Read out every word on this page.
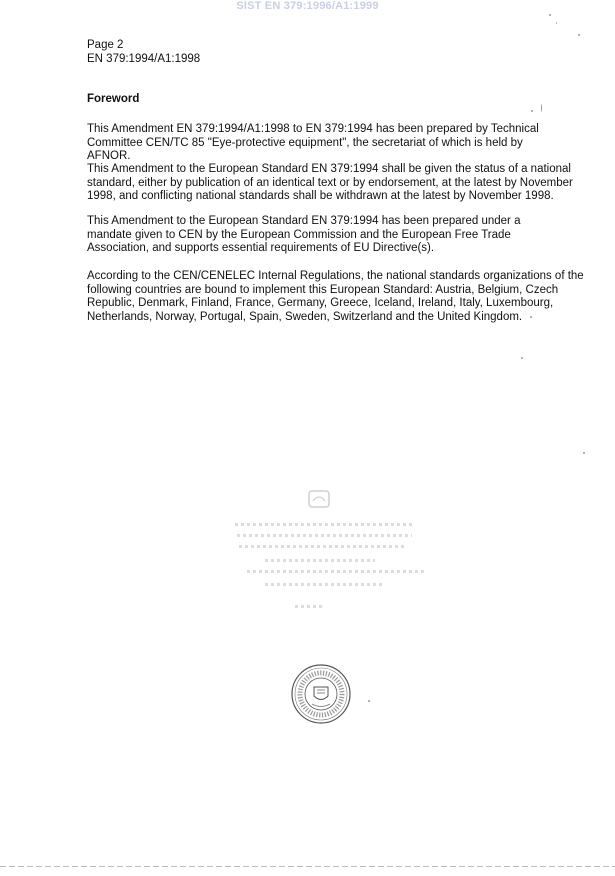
SIST EN 379:1996/A1:1999
Page 2
EN 379:1994/A1:1998
Foreword

This Amendment EN 379:1994/A1:1998 to EN 379:1994 has been prepared by Technical Committee CEN/TC 85 "Eye-protective equipment", the secretariat of which is held by AFNOR.

This Amendment to the European Standard EN 379:1994 shall be given the status of a national standard, either by publication of an identical text or by endorsement, at the latest by November 1998, and conflicting national standards shall be withdrawn at the latest by November 1998.

This Amendment to the European Standard EN 379:1994 has been prepared under a mandate given to CEN by the European Commission and the European Free Trade Association, and supports essential requirements of EU Directive(s).

According to the CEN/CENELEC Internal Regulations, the national standards organizations of the following countries are bound to implement this European Standard: Austria, Belgium, Czech Republic, Denmark, Finland, France, Germany, Greece, Iceland, Ireland, Italy, Luxembourg, Netherlands, Norway, Portugal, Spain, Sweden, Switzerland and the United Kingdom.
